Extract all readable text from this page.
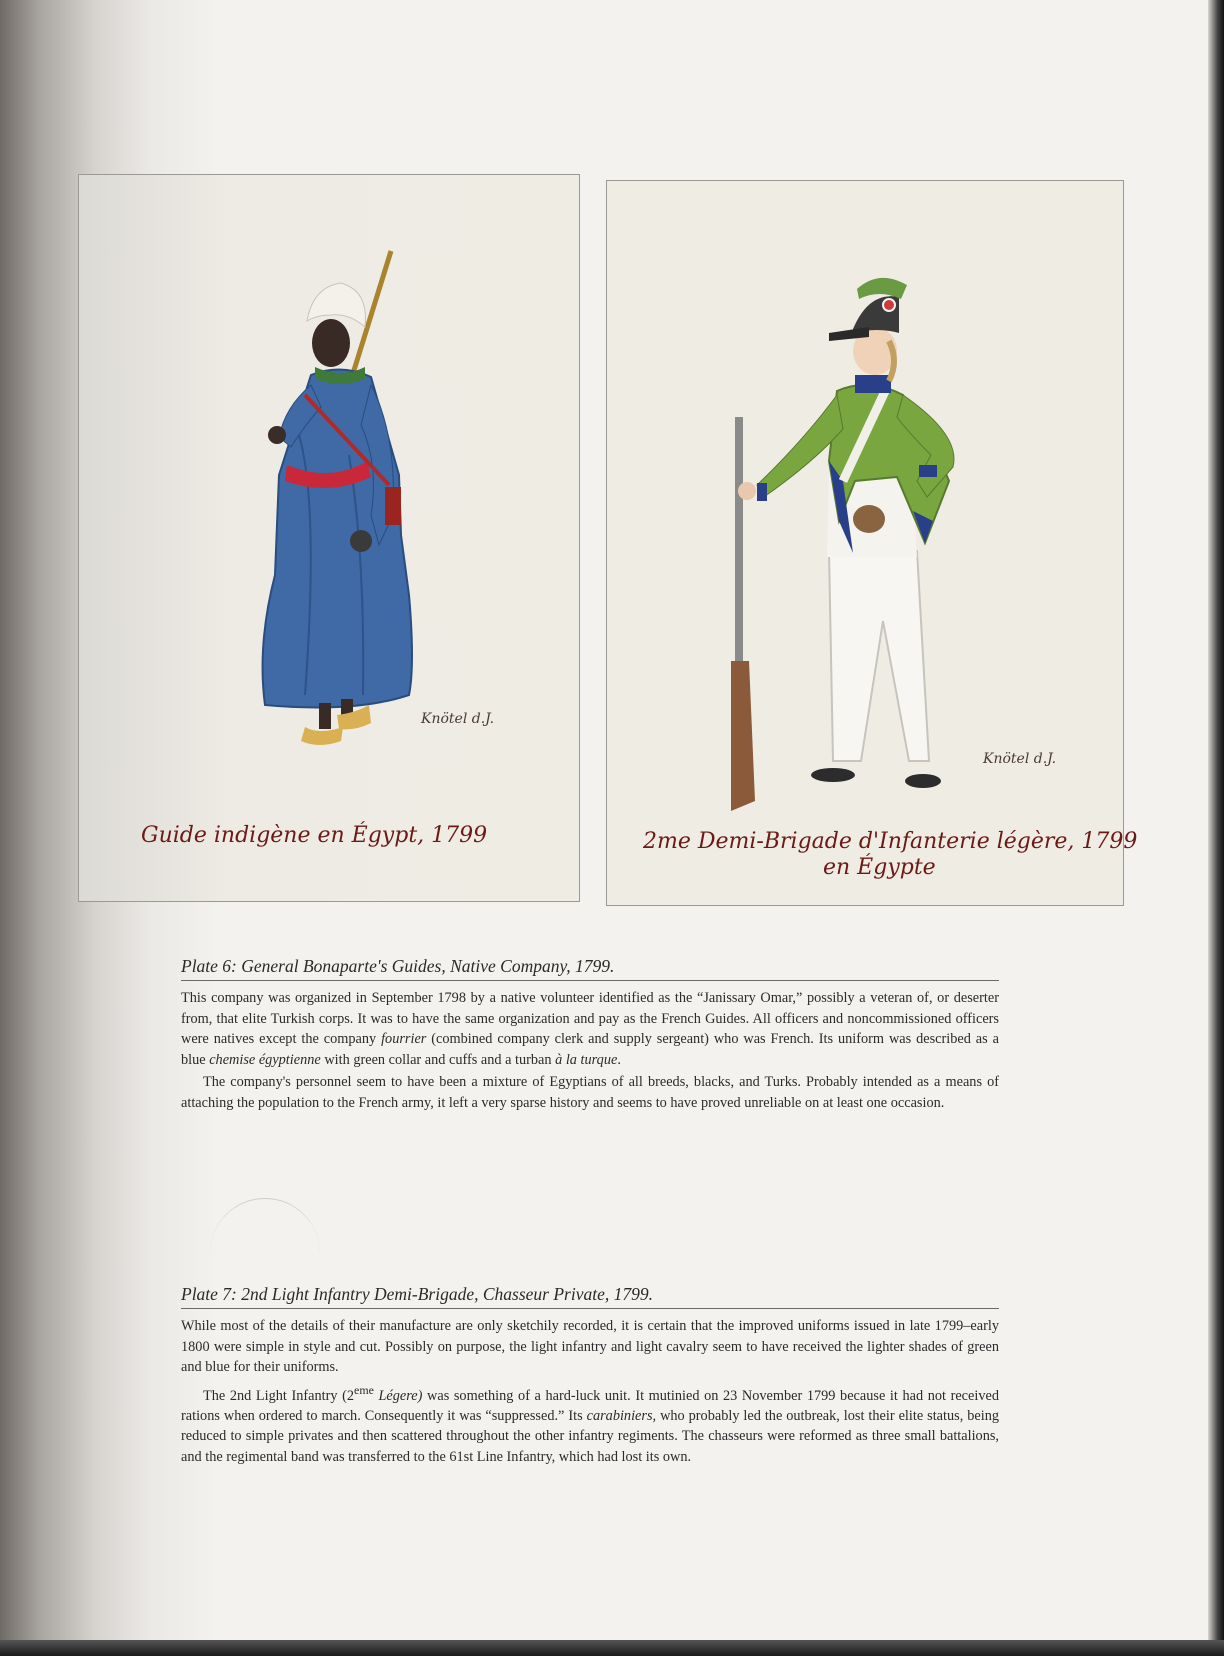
Knötel d.J.
Guide indigène en Égypt, 1799
Knötel d.J.
2me Demi-Brigade d'Infanterie légère, 1799
en Égypte
Plate 6: General Bonaparte's Guides, Native Company, 1799.

This company was organized in September 1798 by a native volunteer identified as the “Janissary Omar,” possibly a veteran of, or deserter from, that elite Turkish corps. It was to have the same organization and pay as the French Guides. All officers and noncommissioned officers were natives except the company fourrier (combined company clerk and supply sergeant) who was French. Its uniform was described as a blue chemise égyptienne with green collar and cuffs and a turban à la turque.

The company's personnel seem to have been a mixture of Egyptians of all breeds, blacks, and Turks. Probably intended as a means of attaching the population to the French army, it left a very sparse history and seems to have proved unreliable on at least one occasion.

Plate 7: 2nd Light Infantry Demi-Brigade, Chasseur Private, 1799.

While most of the details of their manufacture are only sketchily recorded, it is certain that the improved uniforms issued in late 1799–early 1800 were simple in style and cut. Possibly on purpose, the light infantry and light cavalry seem to have received the lighter shades of green and blue for their uniforms.

The 2nd Light Infantry (2eme Légere) was something of a hard-luck unit. It mutinied on 23 November 1799 because it had not received rations when ordered to march. Consequently it was “suppressed.” Its carabiniers, who probably led the outbreak, lost their elite status, being reduced to simple privates and then scattered throughout the other infantry regiments. The chasseurs were reformed as three small battalions, and the regimental band was transferred to the 61st Line Infantry, which had lost its own.
